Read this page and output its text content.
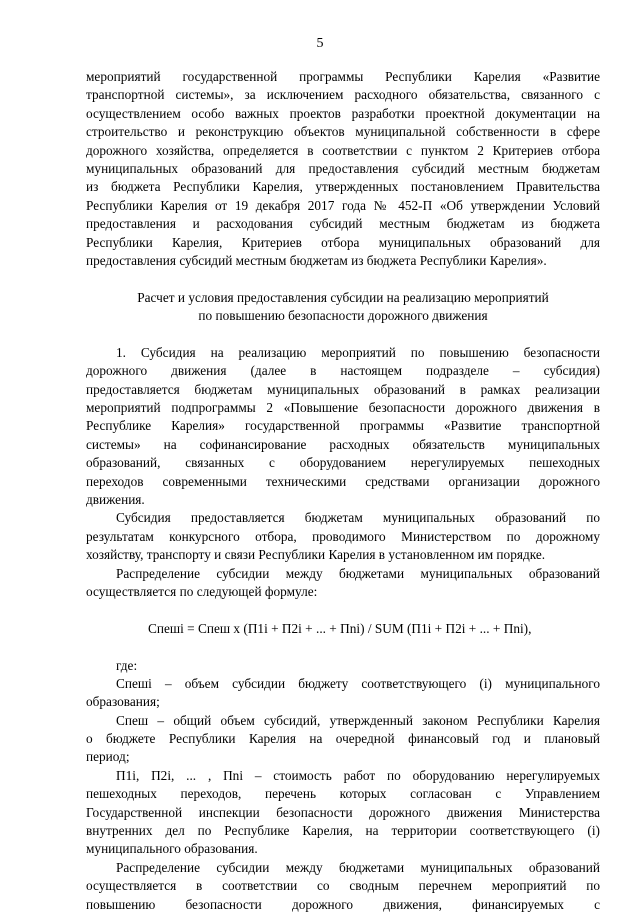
5
мероприятий государственной программы Республики Карелия «Развитие
транспортной системы», за исключением расходного обязательства, связанного с
осуществлением особо важных проектов разработки проектной документации на
строительство и реконструкцию объектов муниципальной собственности в сфере
дорожного хозяйства, определяется в соответствии с пунктом 2 Критериев отбора
муниципальных образований для предоставления субсидий местным бюджетам
из бюджета Республики Карелия, утвержденных постановлением Правительства
Республики Карелия от 19 декабря 2017 года № 452-П «Об утверждении Условий
предоставления и расходования субсидий местным бюджетам из бюджета
Республики Карелия, Критериев отбора муниципальных образований для
предоставления субсидий местным бюджетам из бюджета Республики Карелия».
Расчет и условия предоставления субсидии на реализацию мероприятий
по повышению безопасности дорожного движения
1. Субсидия на реализацию мероприятий по повышению безопасности
дорожного движения (далее в настоящем подразделе – субсидия)
предоставляется бюджетам муниципальных образований в рамках реализации
мероприятий подпрограммы 2 «Повышение безопасности дорожного движения в
Республике Карелия» государственной программы «Развитие транспортной
системы» на софинансирование расходных обязательств муниципальных
образований, связанных с оборудованием нерегулируемых пешеходных
переходов современными техническими средствами организации дорожного
движения.
Субсидия предоставляется бюджетам муниципальных образований по
результатам конкурсного отбора, проводимого Министерством по дорожному
хозяйству, транспорту и связи Республики Карелия в установленном им порядке.
Распределение субсидии между бюджетами муниципальных образований
осуществляется по следующей формуле:
Спеші = Спеш x (П1i + П2i + ... + Пni) / SUM (П1i + П2i + ... + Пni),
где:
Спеші – объем субсидии бюджету соответствующего (i) муниципального
образования;
Спеш – общий объем субсидий, утвержденный законом Республики Карелия
о бюджете Республики Карелия на очередной финансовый год и плановый
период;
П1i, П2i, ... , Пni – стоимость работ по оборудованию нерегулируемых
пешеходных переходов, перечень которых согласован с Управлением
Государственной инспекции безопасности дорожного движения Министерства
внутренних дел по Республике Карелия, на территории соответствующего (i)
муниципального образования.
Распределение субсидии между бюджетами муниципальных образований
осуществляется в соответствии со сводным перечнем мероприятий по
повышению безопасности дорожного движения, финансируемых с
